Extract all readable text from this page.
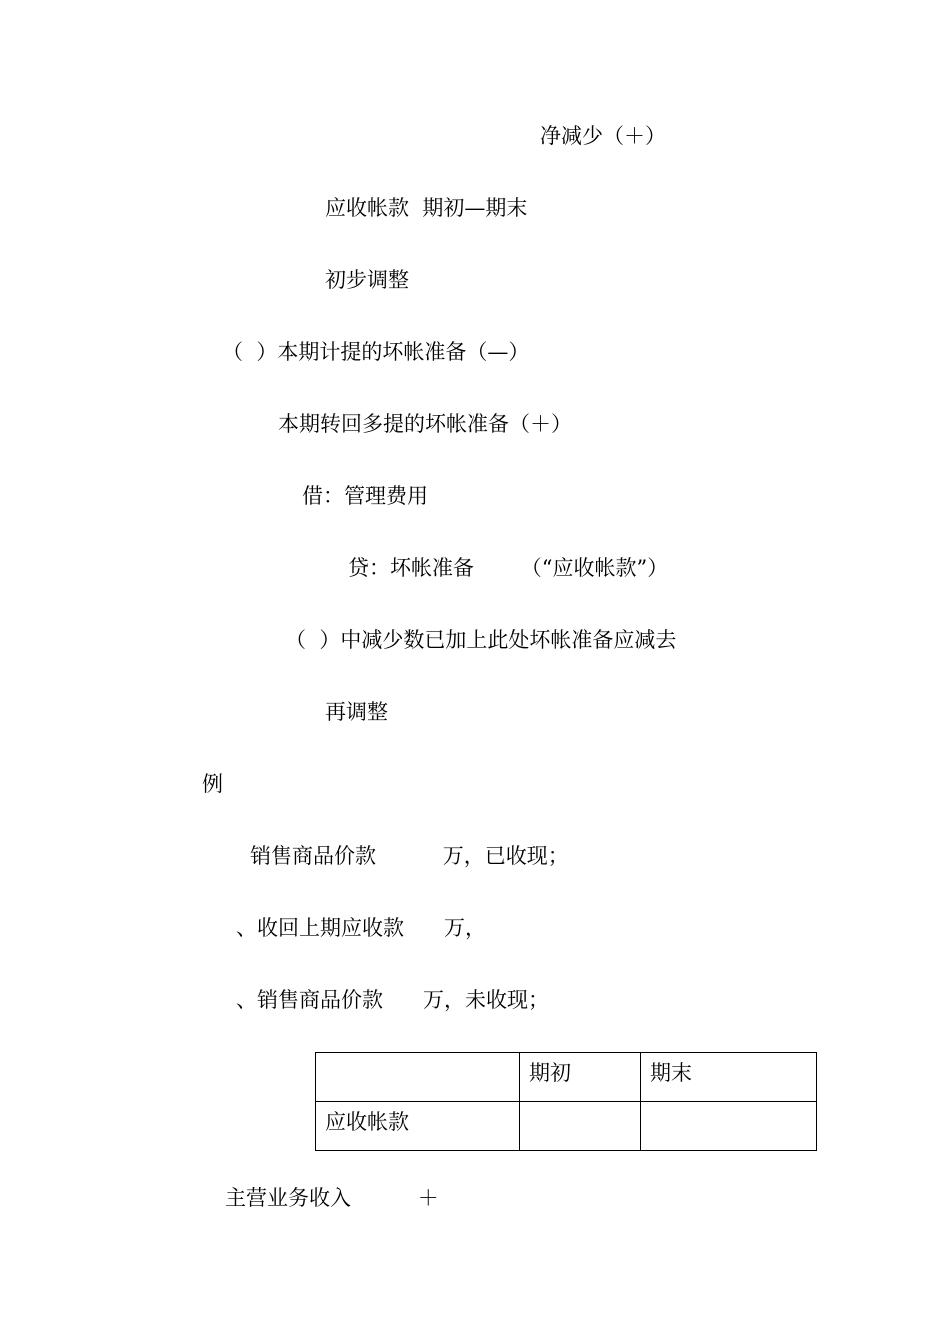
净减少（＋）
应收帐款  期初—期末
初步调整
（  ）本期计提的坏帐准备（—）
本期转回多提的坏帐准备（＋）
借：管理费用
贷：坏帐准备       （“应收帐款”）
（  ）中减少数已加上此处坏帐准备应减去
再调整
例
销售商品价款          万，已收现；
、收回上期应收款      万，
、销售商品价款      万，未收现；
	期初	期末
应收帐款		
主营业务收入          ＋
